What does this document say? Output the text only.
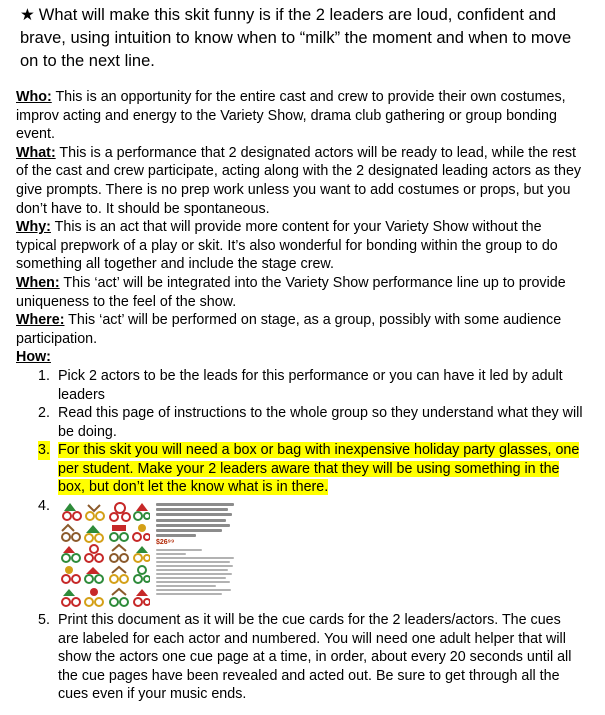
★ What will make this skit funny is if the 2 leaders are loud, confident and brave, using intuition to know when to “milk” the moment and when to move on to the next line.

Who: This is an opportunity for the entire cast and crew to provide their own costumes, improv acting and energy to the Variety Show, drama club gathering or group bonding event.

What: This is a performance that 2 designated actors will be ready to lead, while the rest of the cast and crew participate, acting along with the 2 designated leading actors as they give prompts. There is no prep work unless you want to add costumes or props, but you don’t have to. It should be spontaneous.

Why: This is an act that will provide more content for your Variety Show without the typical prepwork of a play or skit. It’s also wonderful for bonding within the group to do something all together and include the stage crew.

When: This ‘act’ will be integrated into the Variety Show performance line up to provide uniqueness to the feel of the show.

Where: This ‘act’ will be performed on stage, as a group, possibly with some audience participation.

How:

1. Pick 2 actors to be the leads for this performance or you can have it led by adult leaders
2. Read this page of instructions to the whole group so they understand what they will be doing.
3. For this skit you will need a box or bag with inexpensive holiday party glasses, one per student. Make your 2 leaders aware that they will be using something in the box, but don’t let the know what is in there.
4.
$26⁹⁹
5. Print this document as it will be the cue cards for the 2 leaders/actors. The cues are labeled for each actor and numbered. You will need one adult helper that will show the actors one cue page at a time, in order, about every 20 seconds until all the cue pages have been revealed and acted out. Be sure to get through all the cues even if your music ends.
